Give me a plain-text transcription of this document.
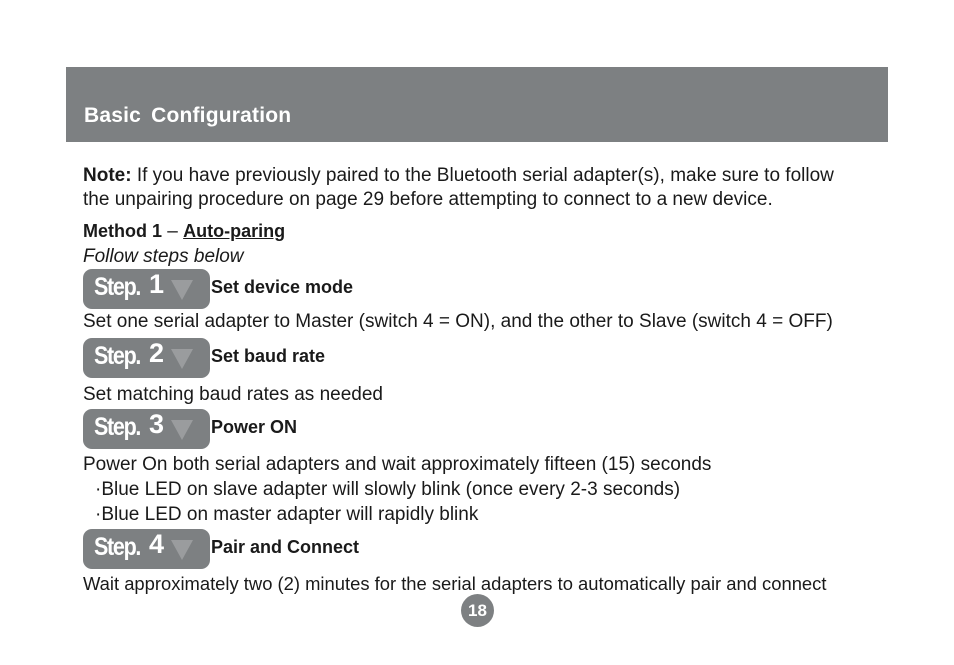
Basic Configuration
Note: If you have previously paired to the Bluetooth serial adapter(s), make sure to follow
the unpairing procedure on page 29 before attempting to connect to a new device.
Method 1 – Auto-paring
Follow steps below
Step. 1	Set device mode
Set one serial adapter to Master (switch 4 = ON), and the other to Slave (switch 4 = OFF)
Step. 2	Set baud rate
Set matching baud rates as needed
Step. 3	Power ON
Power On both serial adapters and wait approximately fifteen (15) seconds
·Blue LED on slave adapter will slowly blink (once every 2-3 seconds)
·Blue LED on master adapter will rapidly blink
Step. 4	Pair and Connect
Wait approximately two (2) minutes for the serial adapters to automatically pair and connect
18
